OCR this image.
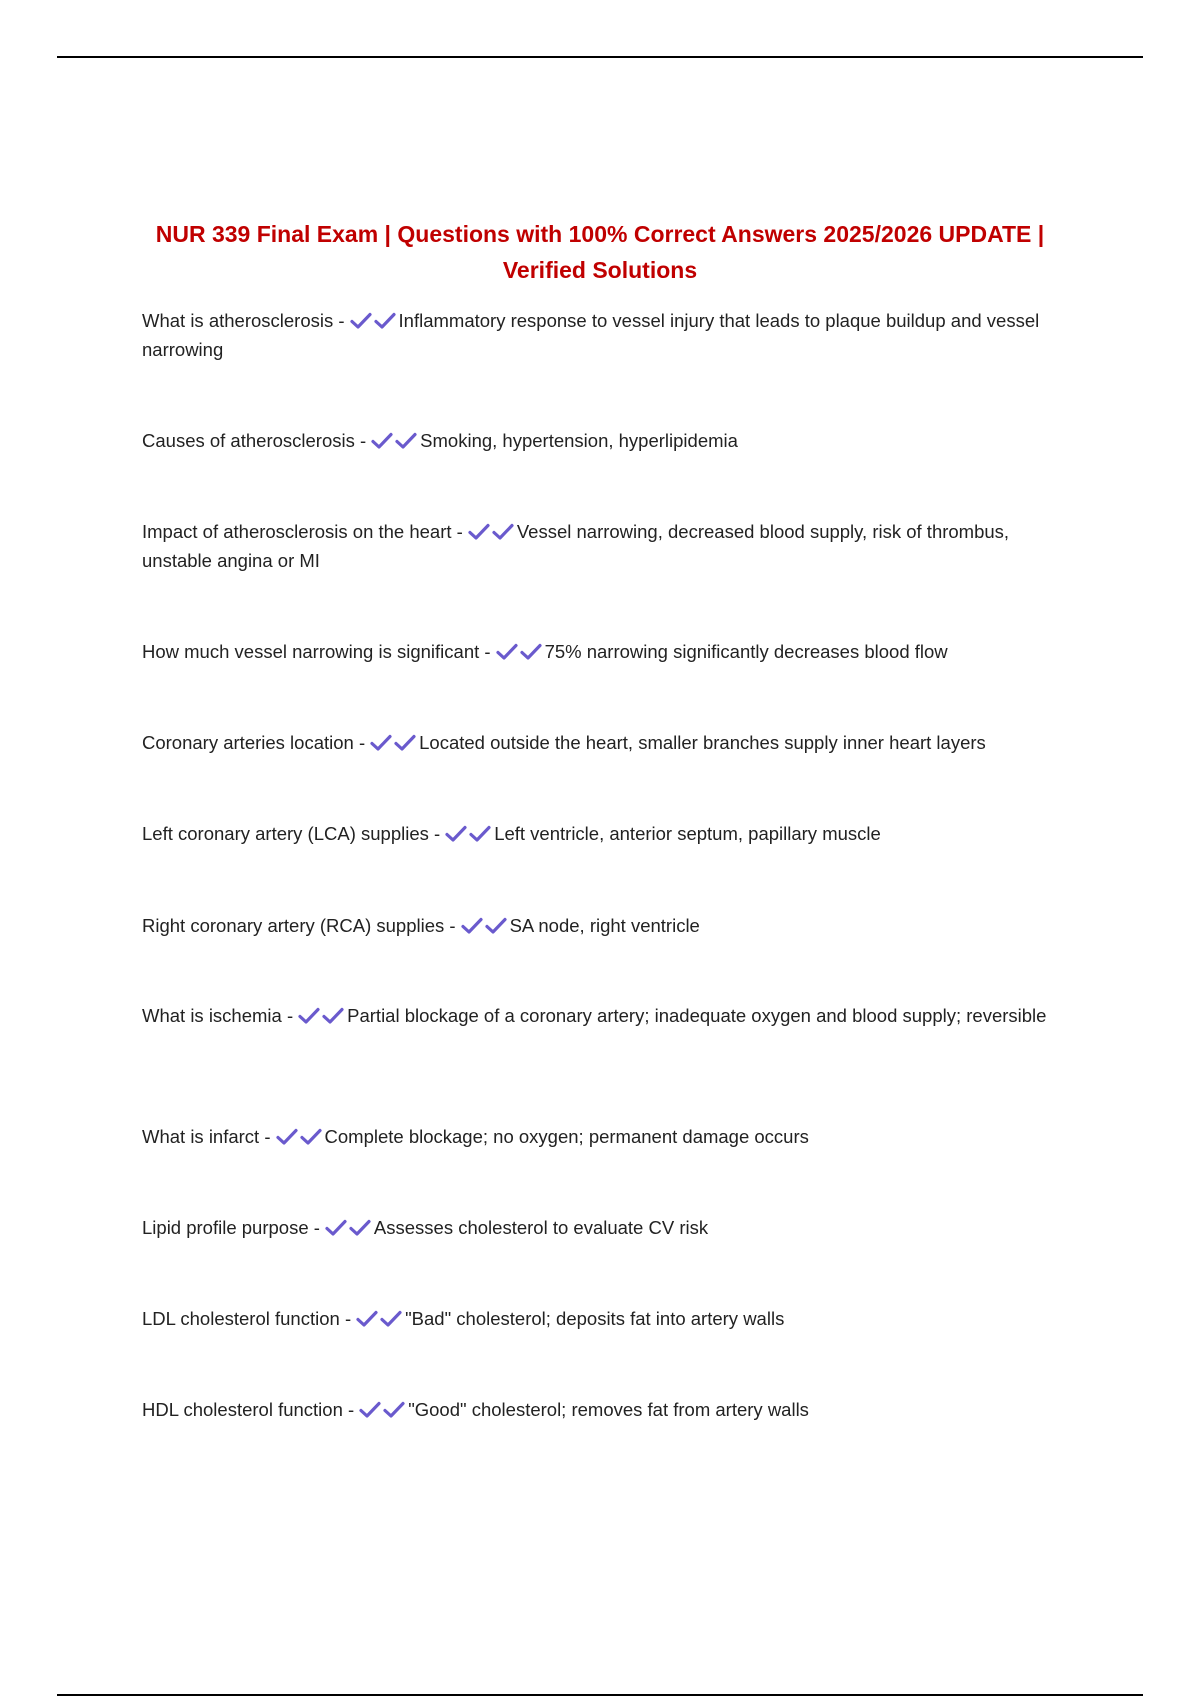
NUR 339 Final Exam | Questions with 100% Correct Answers 2025/2026 UPDATE | Verified Solutions
What is atherosclerosis -	Inflammatory response to vessel injury that leads to plaque buildup and vessel narrowing
Causes of atherosclerosis -	Smoking, hypertension, hyperlipidemia
Impact of atherosclerosis on the heart -	Vessel narrowing, decreased blood supply, risk of thrombus, unstable angina or MI
How much vessel narrowing is significant -	75% narrowing significantly decreases blood flow
Coronary arteries location -	Located outside the heart, smaller branches supply inner heart layers
Left coronary artery (LCA) supplies -	Left ventricle, anterior septum, papillary muscle
Right coronary artery (RCA) supplies -	SA node, right ventricle
What is ischemia -	Partial blockage of a coronary artery; inadequate oxygen and blood supply; reversible
What is infarct -	Complete blockage; no oxygen; permanent damage occurs
Lipid profile purpose -	Assesses cholesterol to evaluate CV risk
LDL cholesterol function -	"Bad" cholesterol; deposits fat into artery walls
HDL cholesterol function -	"Good" cholesterol; removes fat from artery walls
